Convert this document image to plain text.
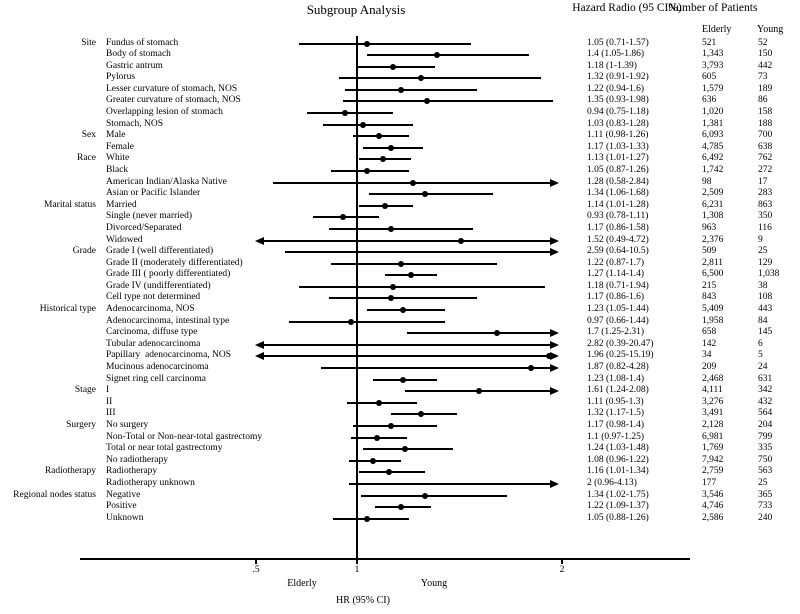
Subgroup Analysis	Hazard Radio (95 CI%)
Number of Patients
Elderly	Young
Site Fundus of stomach	1.05 (0.71-1.57)	521	52
Body of stomach	1.4 (1.05-1.86)	1,343	150
Gastric antrum	1.18 (1-1.39)	3,793	442
Pylorus	1.32 (0.91-1.92)	605	73
Lesser curvature of stomach, NOS	1.22 (0.94-1.6)	1,579	189
Greater curvature of stomach, NOS	1.35 (0.93-1.98)	636	86
Overlapping lesion of stomach	0.94 (0.75-1.18)	1,020	158
Stomach, NOS	1.03 (0.83-1.28)	1,381	188
Sex Male	1.11 (0.98-1.26)	6,093	700
Female	1.17 (1.03-1.33)	4,785	638
Race White	1.13 (1.01-1.27)	6,492	762
Black	1.05 (0.87-1.26)	1,742	272
American Indian/Alaska Native	1.28 (0.58-2.84)	98	17
Asian or Pacific Islander	1.34 (1.06-1.68)	2,509	283
Marital status Married	1.14 (1.01-1.28)	6,231	863
Single (never married)	0.93 (0.78-1.11)	1,308	350
Divorced/Separated	1.17 (0.86-1.58)	963	116
Widowed	1.52 (0.49-4.72)	2,376	9
Grade Grade I (well differentiated)	2.59 (0.64-10.5)	509	25
Grade II (moderately differentiated)	1.22 (0.87-1.7)	2,811	129
Grade III ( poorly differentiated)	1.27 (1.14-1.4)	6,500	1,038
Grade IV (undifferentiated)	1.18 (0.71-1.94)	215	38
Cell type not determined	1.17 (0.86-1.6)	843	108
Historical type Adenocarcinoma, NOS	1.23 (1.05-1.44)	5,409	443
Adenocarcinoma, intestinal type	0.97 (0.66-1.44)	1,958	84
Carcinoma, diffuse type	1.7 (1.25-2.31)	658	145
Tubular adenocarcinoma	2.82 (0.39-20.47)	142	6
Papillary  adenocarcinoma, NOS	1.96 (0.25-15.19)	34	5
Mucinous adenocarcinoma	1.87 (0.82-4.28)	209	24
Signet ring cell carcinoma	1.23 (1.08-1.4)	2,468	631
Stage I	1.61 (1.24-2.08)	4,111	342
II	1.11 (0.95-1.3)	3,276	432
III	1.32 (1.17-1.5)	3,491	564
Surgery No surgery	1.17 (0.98-1.4)	2,128	204
Non-Total or Non-near-total gastrectomy	1.1 (0.97-1.25)	6,981	799
Total or near total gastrectomy	1.24 (1.03-1.48)	1,769	335
No radiotherapy	1.08 (0.96-1.22)	7,942	750
Radiotherapy Radiotherapy	1.16 (1.01-1.34)	2,759	563
Radiotherapy unknown	2 (0.96-4.13)	177	25
Regional nodes status Negative	1.34 (1.02-1.75)	3,546	365
Positive	1.22 (1.09-1.37)	4,746	733
Unknown	1.05 (0.88-1.26)	2,586	240
.5	1	2
Elderly	Young
HR (95% CI)
